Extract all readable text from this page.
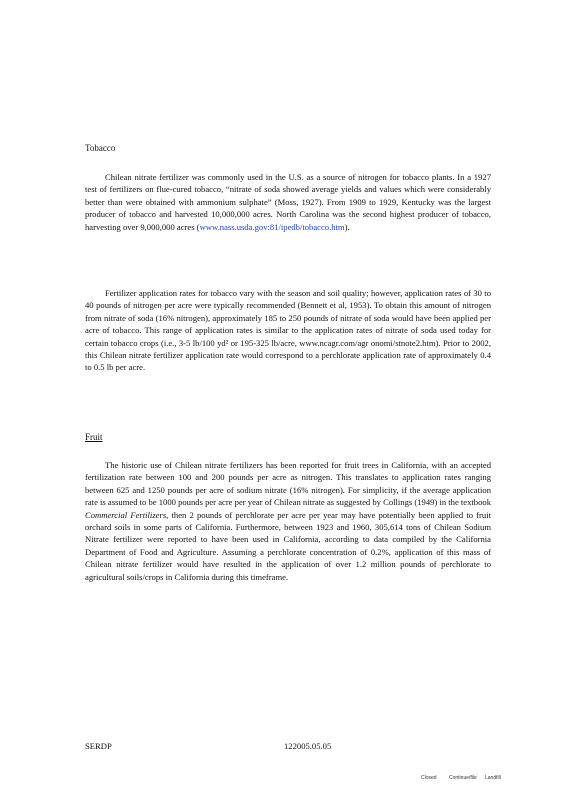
Tobacco

Chilean nitrate fertilizer was commonly used in the U.S. as a source of nitrogen for tobacco plants. In a 1927 test of fertilizers on flue-cured tobacco, “nitrate of soda showed average yields and values which were considerably better than were obtained with ammonium sulphate” (Moss, 1927). From 1909 to 1929, Kentucky was the largest producer of tobacco and harvested 10,000,000 acres. North Carolina was the second highest producer of tobacco, harvesting over 9,000,000 acres (www.nass.usda.gov:81/ipedb/tobacco.htm).

Fertilizer application rates for tobacco vary with the season and soil quality; however, application rates of 30 to 40 pounds of nitrogen per acre were typically recommended (Bennett et al, 1953). To obtain this amount of nitrogen from nitrate of soda (16% nitrogen), approximately 185 to 250 pounds of nitrate of soda would have been applied per acre of tobacco. This range of application rates is similar to the application rates of nitrate of soda used today for certain tobacco crops (i.e., 3-5 lb/100 yd² or 195-325 lb/acre, www.ncagr.com/agr onomi/stnote2.htm). Prior to 2002, this Chilean nitrate fertilizer application rate would correspond to a perchlorate application rate of approximately 0.4 to 0.5 lb per acre.

Fruit

The historic use of Chilean nitrate fertilizers has been reported for fruit trees in California, with an accepted fertilization rate between 100 and 200 pounds per acre as nitrogen. This translates to application rates ranging between 625 and 1250 pounds per acre of sodium nitrate (16% nitrogen). For simplicity, if the average application rate is assumed to be 1000 pounds per acre per year of Chilean nitrate as suggested by Collings (1949) in the textbook Commercial Fertilizers, then 2 pounds of perchlorate per acre per year may have potentially been applied to fruit orchard soils in some parts of California. Furthermore, between 1923 and 1960, 305,614 tons of Chilean Sodium Nitrate fertilizer were reported to have been used in California, according to data compiled by the California Department of Food and Agriculture. Assuming a perchlorate concentration of 0.2%, application of this mass of Chilean nitrate fertilizer would have resulted in the application of over 1.2 million pounds of perchlorate to agricultural soils/crops in California during this timeframe.

SERDP	122005.05.05
Closed Continue/file Landfill
